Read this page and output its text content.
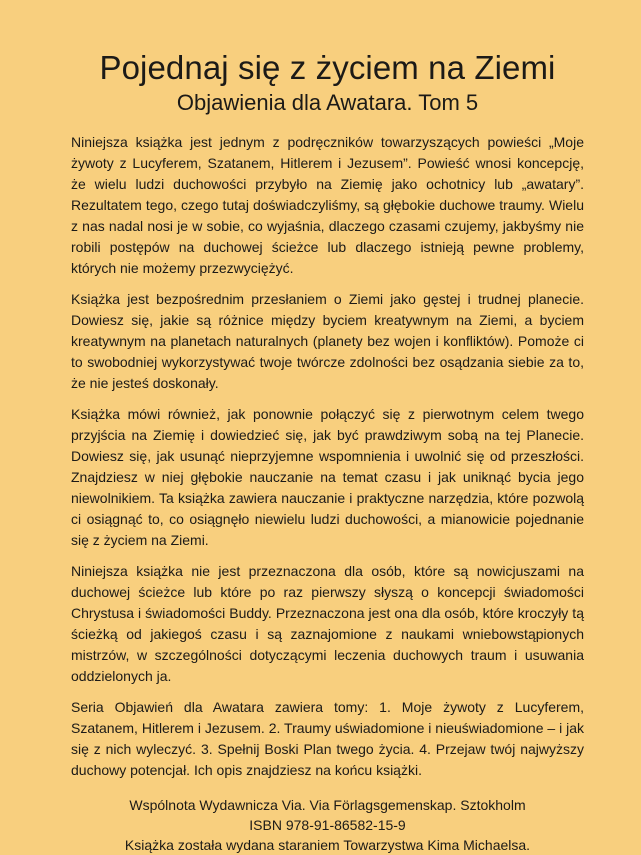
Pojednaj się z życiem na Ziemi
Objawienia dla Awatara. Tom 5

Niniejsza książka jest jednym z podręczników towarzyszących powieści „Moje żywoty z Lucyferem, Szatanem, Hitlerem i Jezusem”. Powieść wnosi koncepcję, że wielu ludzi duchowości przybyło na Ziemię jako ochotnicy lub „awatary”. Rezultatem tego, czego tutaj doświadczyliśmy, są głębokie duchowe traumy. Wielu z nas nadal nosi je w sobie, co wyjaśnia, dlaczego czasami czujemy, jakbyśmy nie robili postępów na duchowej ścieżce lub dlaczego istnieją pewne problemy, których nie możemy przezwyciężyć.

Książka jest bezpośrednim przesłaniem o Ziemi jako gęstej i trudnej planecie. Dowiesz się, jakie są różnice między byciem kreatywnym na Ziemi, a byciem kreatywnym na planetach naturalnych (planety bez wojen i konfliktów). Pomoże ci to swobodniej wykorzystywać twoje twórcze zdolności bez osądzania siebie za to, że nie jesteś doskonały.

Książka mówi również, jak ponownie połączyć się z pierwotnym celem twego przyjścia na Ziemię i dowiedzieć się, jak być prawdziwym sobą na tej Planecie. Dowiesz się, jak usunąć nieprzyjemne wspomnienia i uwolnić się od przeszłości. Znajdziesz w niej głębokie nauczanie na temat czasu i jak uniknąć bycia jego niewolnikiem. Ta książka zawiera nauczanie i praktyczne narzędzia, które pozwolą ci osiągnąć to, co osiągnęło niewielu ludzi duchowości, a mianowicie pojednanie się z życiem na Ziemi.

Niniejsza książka nie jest przeznaczona dla osób, które są nowicjuszami na duchowej ścieżce lub które po raz pierwszy słyszą o koncepcji świadomości Chrystusa i świadomości Buddy. Przeznaczona jest ona dla osób, które kroczyły tą ścieżką od jakiegoś czasu i są zaznajomione z naukami wniebowstąpionych mistrzów, w szczególności dotyczącymi leczenia duchowych traum i usuwania oddzielonych ja.

Seria Objawień dla Awatara zawiera tomy: 1. Moje żywoty z Lucyferem, Szatanem, Hitlerem i Jezusem. 2. Traumy uświadomione i nieuświadomione – i jak się z nich wyleczyć. 3. Spełnij Boski Plan twego życia. 4. Przejaw twój najwyższy duchowy potencjał. Ich opis znajdziesz na końcu książki.

Wspólnota Wydawnicza Via. Via Förlagsgemenskap. Sztokholm
ISBN 978-91-86582-15-9
Książka została wydana staraniem Towarzystwa Kima Michaelsa.
